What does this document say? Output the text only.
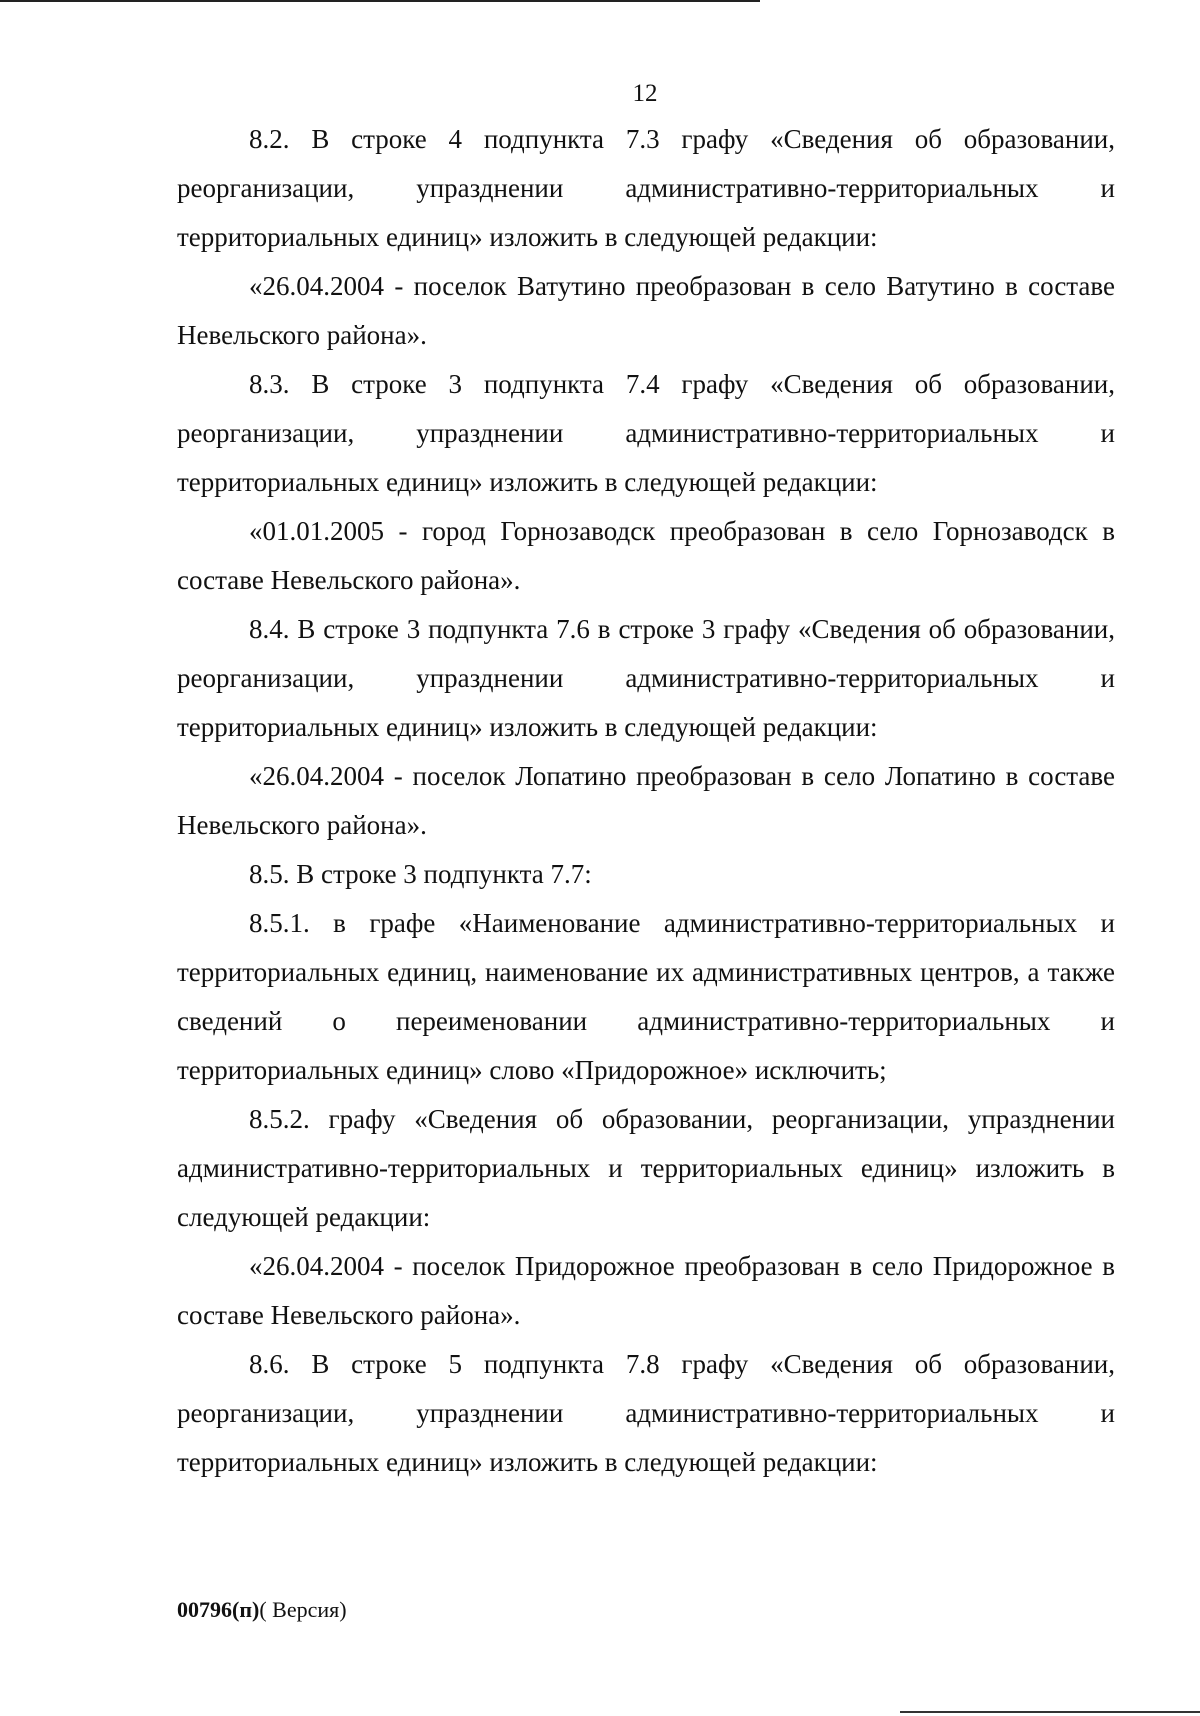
12

8.2. В строке 4 подпункта 7.3 графу «Сведения об образовании, реорганизации, упразднении административно-территориальных и территориальных единиц» изложить в следующей редакции:

«26.04.2004 - поселок Ватутино преобразован в село Ватутино в составе Невельского района».

8.3. В строке 3 подпункта 7.4 графу «Сведения об образовании, реорганизации, упразднении административно-территориальных и территориальных единиц» изложить в следующей редакции:

«01.01.2005 - город Горнозаводск преобразован в село Горнозаводск в составе Невельского района».

8.4. В строке 3 подпункта 7.6 в строке 3 графу «Сведения об образовании, реорганизации, упразднении административно-территориальных и территориальных единиц» изложить в следующей редакции:

«26.04.2004 - поселок Лопатино преобразован в село Лопатино в составе Невельского района».

8.5. В строке 3 подпункта 7.7:

8.5.1. в графе «Наименование административно-территориальных и территориальных единиц, наименование их административных центров, а также сведений о переименовании административно-территориальных и территориальных единиц» слово «Придорожное» исключить;

8.5.2. графу «Сведения об образовании, реорганизации, упразднении административно-территориальных и территориальных единиц» изложить в следующей редакции:

«26.04.2004 - поселок Придорожное преобразован в село Придорожное в составе Невельского района».

8.6. В строке 5 подпункта 7.8 графу «Сведения об образовании, реорганизации, упразднении административно-территориальных и территориальных единиц» изложить в следующей редакции:

00796(п)( Версия)
